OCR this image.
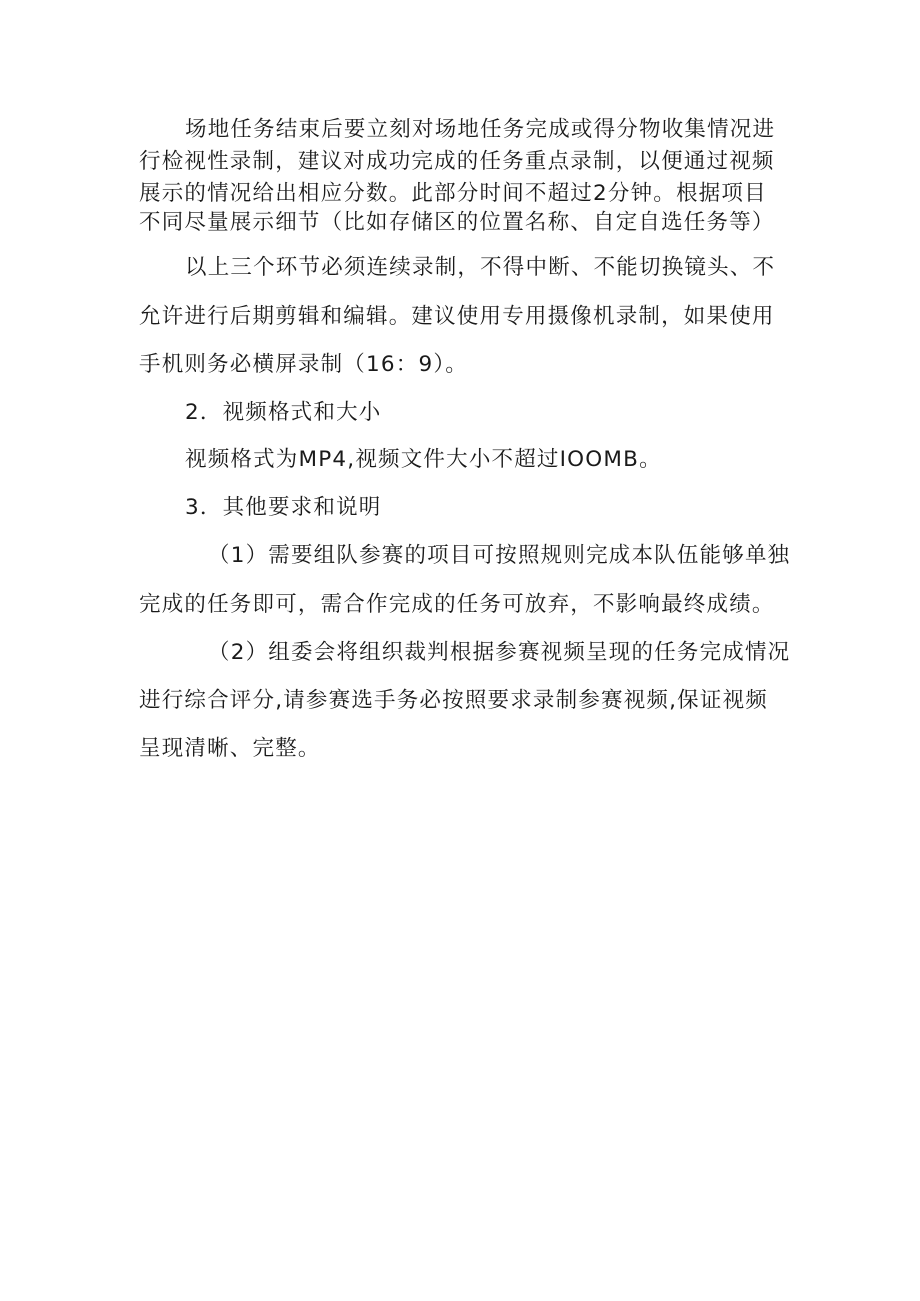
场地任务结束后要立刻对场地任务完成或得分物收集情况进
行检视性录制，建议对成功完成的任务重点录制，以便通过视频
展示的情况给出相应分数。此部分时间不超过2分钟。根据项目
不同尽量展示细节（比如存储区的位置名称、自定自选任务等）
以上三个环节必须连续录制，不得中断、不能切换镜头、不
允许进行后期剪辑和编辑。建议使用专用摄像机录制，如果使用
手机则务必横屏录制（16：9）。
2．视频格式和大小
视频格式为MP4,视频文件大小不超过IOOMB。
3．其他要求和说明
（1）需要组队参赛的项目可按照规则完成本队伍能够单独
完成的任务即可，需合作完成的任务可放弃，不影响最终成绩。
（2）组委会将组织裁判根据参赛视频呈现的任务完成情况
进行综合评分,请参赛选手务必按照要求录制参赛视频,保证视频
呈现清晰、完整。
